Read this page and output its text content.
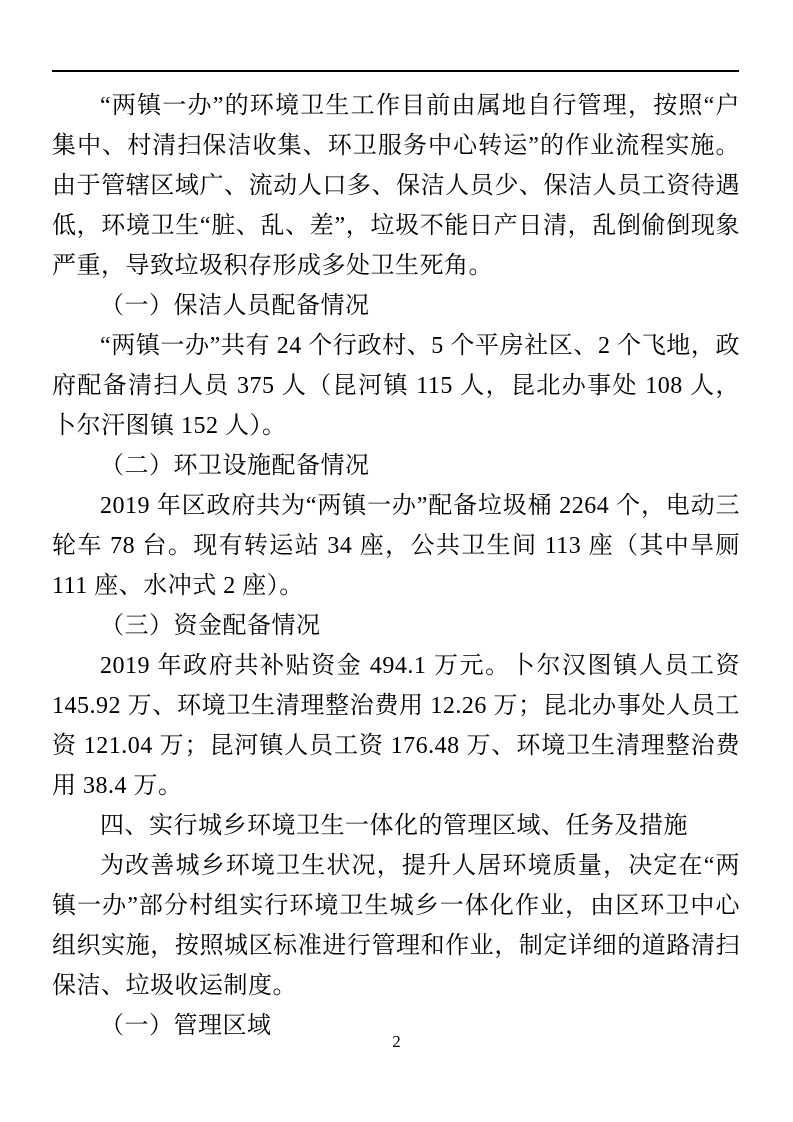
“两镇一办”的环境卫生工作目前由属地自行管理，按照“户集中、村清扫保洁收集、环卫服务中心转运”的作业流程实施。由于管辖区域广、流动人口多、保洁人员少、保洁人员工资待遇低，环境卫生“脏、乱、差”，垃圾不能日产日清，乱倒偷倒现象严重，导致垃圾积存形成多处卫生死角。

（一）保洁人员配备情况

“两镇一办”共有 24 个行政村、5 个平房社区、2 个飞地，政府配备清扫人员 375 人（昆河镇 115 人，昆北办事处 108 人，卜尔汗图镇 152 人）。

（二）环卫设施配备情况

2019 年区政府共为“两镇一办”配备垃圾桶 2264 个，电动三轮车 78 台。现有转运站 34 座，公共卫生间 113 座（其中旱厕 111 座、水冲式 2 座）。

（三）资金配备情况

2019 年政府共补贴资金 494.1 万元。卜尔汉图镇人员工资 145.92 万、环境卫生清理整治费用 12.26 万；昆北办事处人员工资 121.04 万；昆河镇人员工资 176.48 万、环境卫生清理整治费用 38.4 万。

四、实行城乡环境卫生一体化的管理区域、任务及措施

为改善城乡环境卫生状况，提升人居环境质量，决定在“两镇一办”部分村组实行环境卫生城乡一体化作业，由区环卫中心组织实施，按照城区标准进行管理和作业，制定详细的道路清扫保洁、垃圾收运制度。

（一）管理区域

2
